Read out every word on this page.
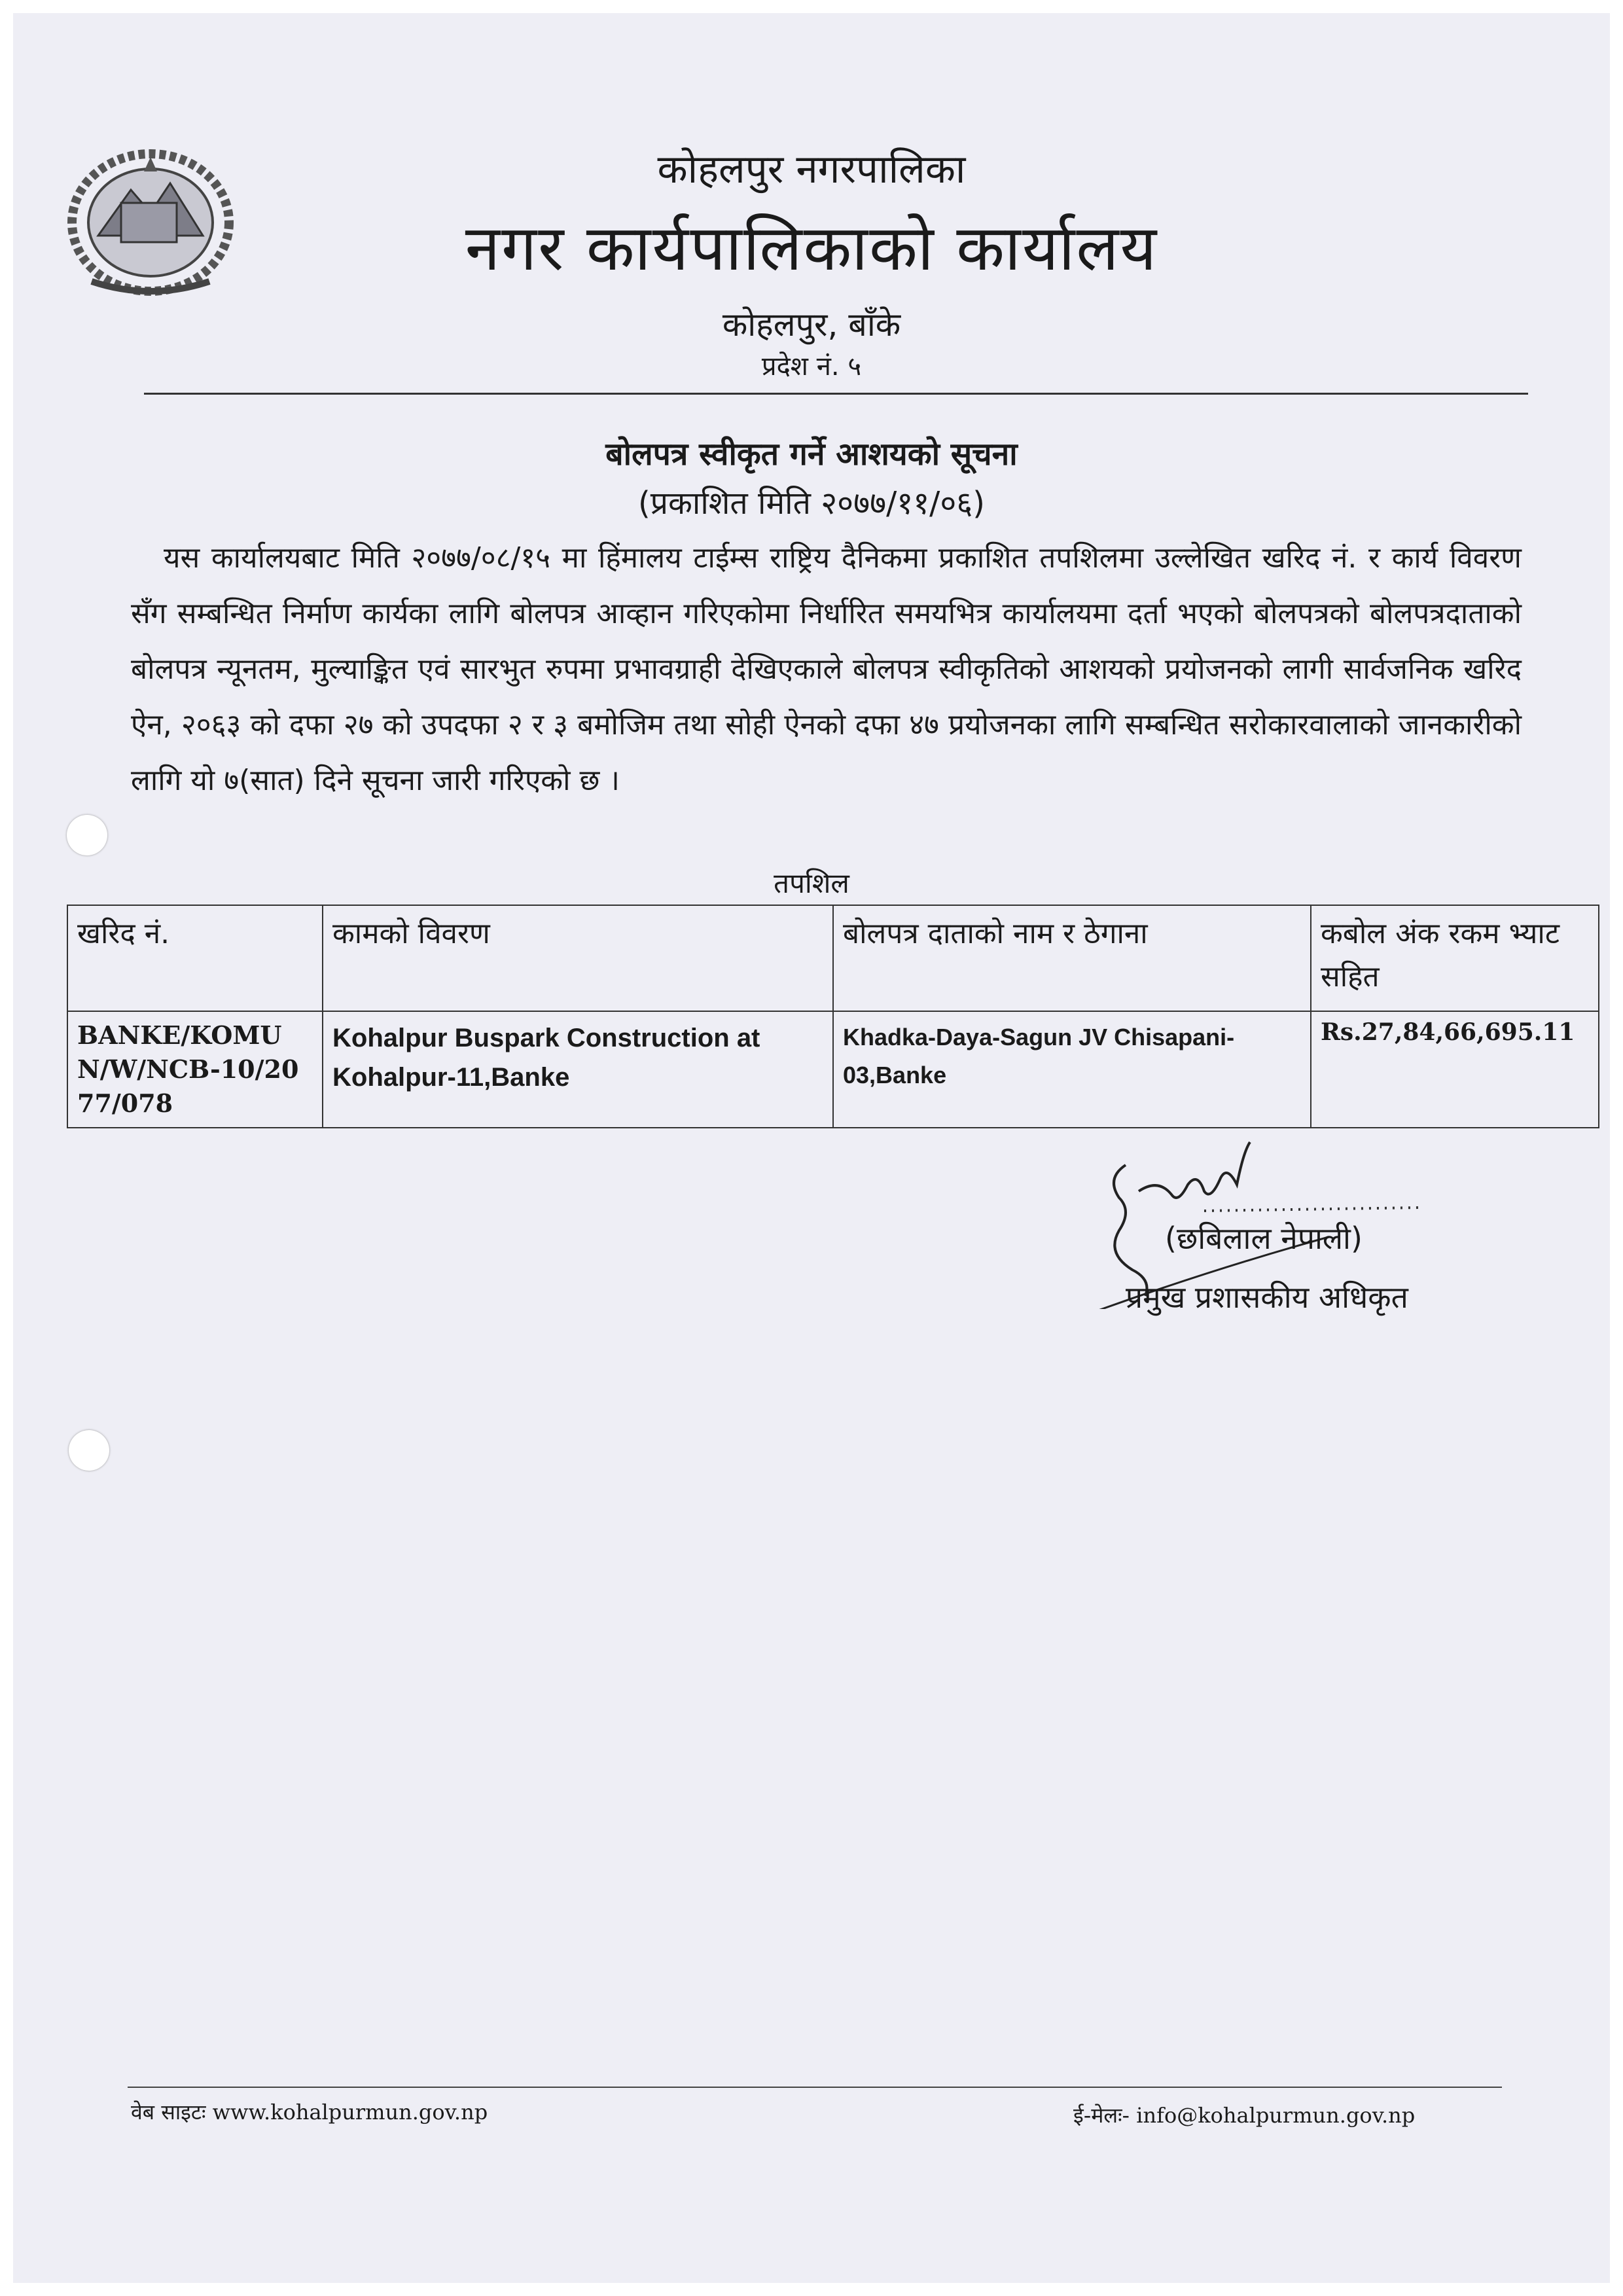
कोहलपुर नगरपालिका
नगर कार्यपालिकाको कार्यालय
कोहलपुर, बाँके
प्रदेश नं. ५
बोलपत्र स्वीकृत गर्ने आशयको सूचना
(प्रकाशित मिति २०७७/११/०६)
यस कार्यालयबाट मिति २०७७/०८/१५ मा हिंमालय टाईम्स राष्ट्रिय दैनिकमा प्रकाशित तपशिलमा उल्लेखित खरिद नं. र कार्य विवरण सँग सम्बन्धित निर्माण कार्यका लागि बोलपत्र आव्हान गरिएकोमा निर्धारित समयभित्र कार्यालयमा दर्ता भएको बोलपत्रको बोलपत्रदाताको बोलपत्र न्यूनतम, मुल्याङ्कित एवं सारभुत रुपमा प्रभावग्राही देखिएकाले बोलपत्र स्वीकृतिको आशयको प्रयोजनको लागी सार्वजनिक खरिद ऐन, २०६३ को दफा २७ को उपदफा २ र ३ बमोजिम तथा सोही ऐनको दफा ४७ प्रयोजनका लागि सम्बन्धित सरोकारवालाको जानकारीको लागि यो ७(सात) दिने सूचना जारी गरिएको छ ।
तपशिल
खरिद नं.	कामको विवरण	बोलपत्र दाताको नाम र ठेगाना	कबोल अंक रकम भ्याट सहित
BANKE/KOMUN/W/NCB-10/2077/078	Kohalpur Buspark Construction at Kohalpur-11,Banke	Khadka-Daya-Sagun JV Chisapani-03,Banke	Rs.27,84,66,695.11
(छबिलाल नेपाली)
प्रमुख प्रशासकीय अधिकृत
वेब साइटः www.kohalpurmun.gov.np	ई-मेलः- info@kohalpurmun.gov.np
